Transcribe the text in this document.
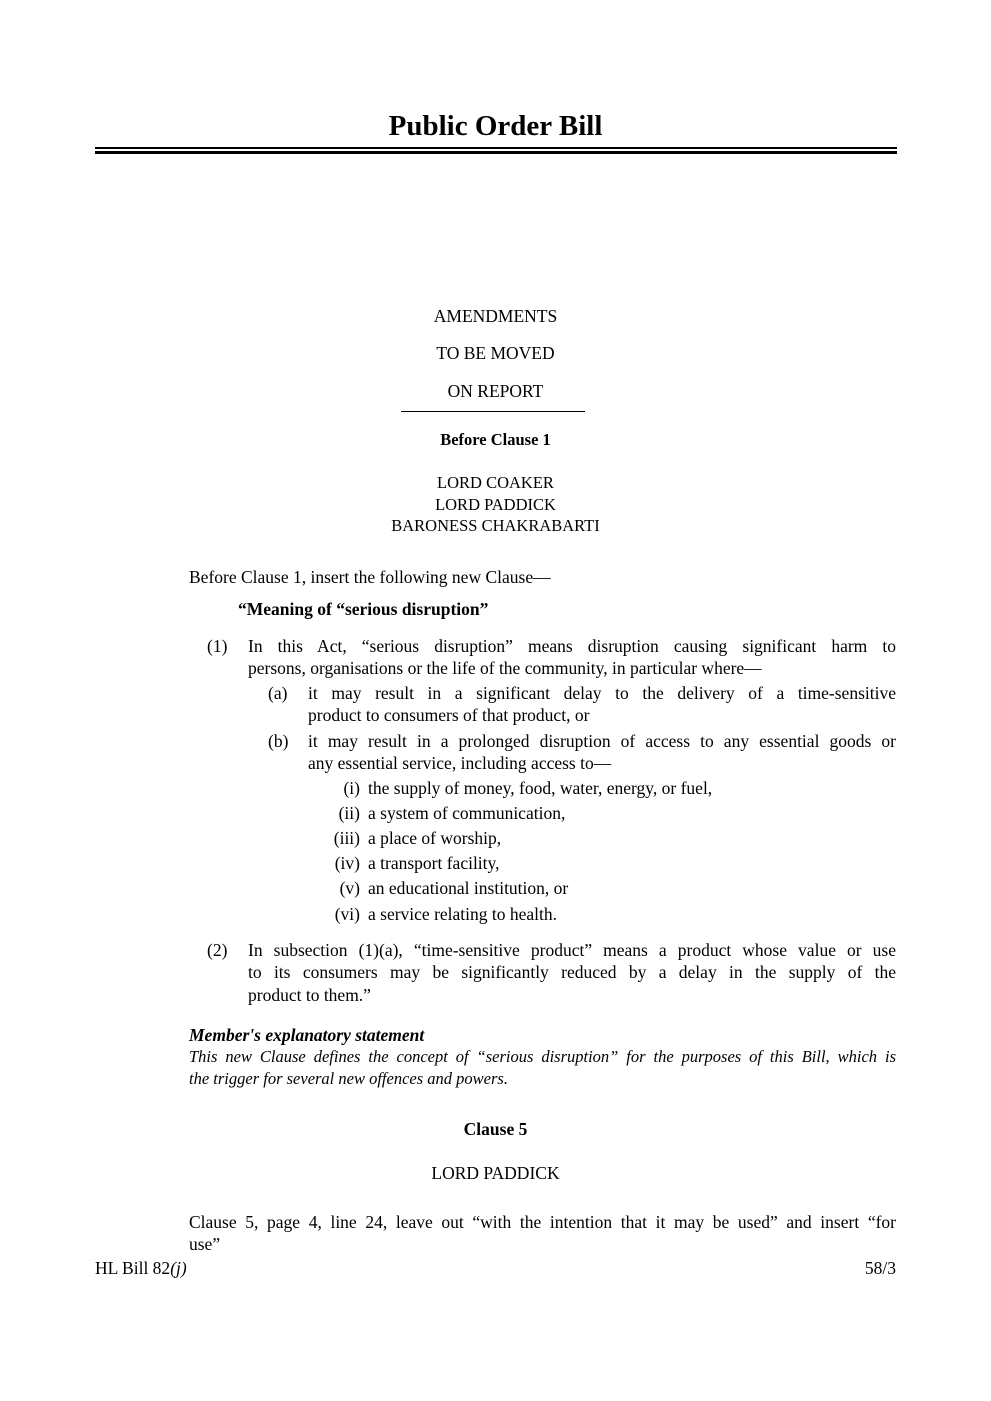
Public Order Bill
AMENDMENTS
TO BE MOVED
ON REPORT
Before Clause 1
LORD COAKER
LORD PADDICK
BARONESS CHAKRABARTI
Before Clause 1, insert the following new Clause—
“Meaning of “serious disruption”
(1) In this Act, “serious disruption” means disruption causing significant harm to
persons, organisations or the life of the community, in particular where—
(a) it may result in a significant delay to the delivery of a time-sensitive
product to consumers of that product, or
(b) it may result in a prolonged disruption of access to any essential goods or
any essential service, including access to—
(i) the supply of money, food, water, energy, or fuel,
(ii) a system of communication,
(iii) a place of worship,
(iv) a transport facility,
(v) an educational institution, or
(vi) a service relating to health.
(2) In subsection (1)(a), “time-sensitive product” means a product whose value or use
to its consumers may be significantly reduced by a delay in the supply of the
product to them.”
Member's explanatory statement
This new Clause defines the concept of “serious disruption” for the purposes of this Bill, which is
the trigger for several new offences and powers.
Clause 5
LORD PADDICK
Clause 5, page 4, line 24, leave out “with the intention that it may be used” and insert “for
use”
HL Bill 82(j)	58/3
